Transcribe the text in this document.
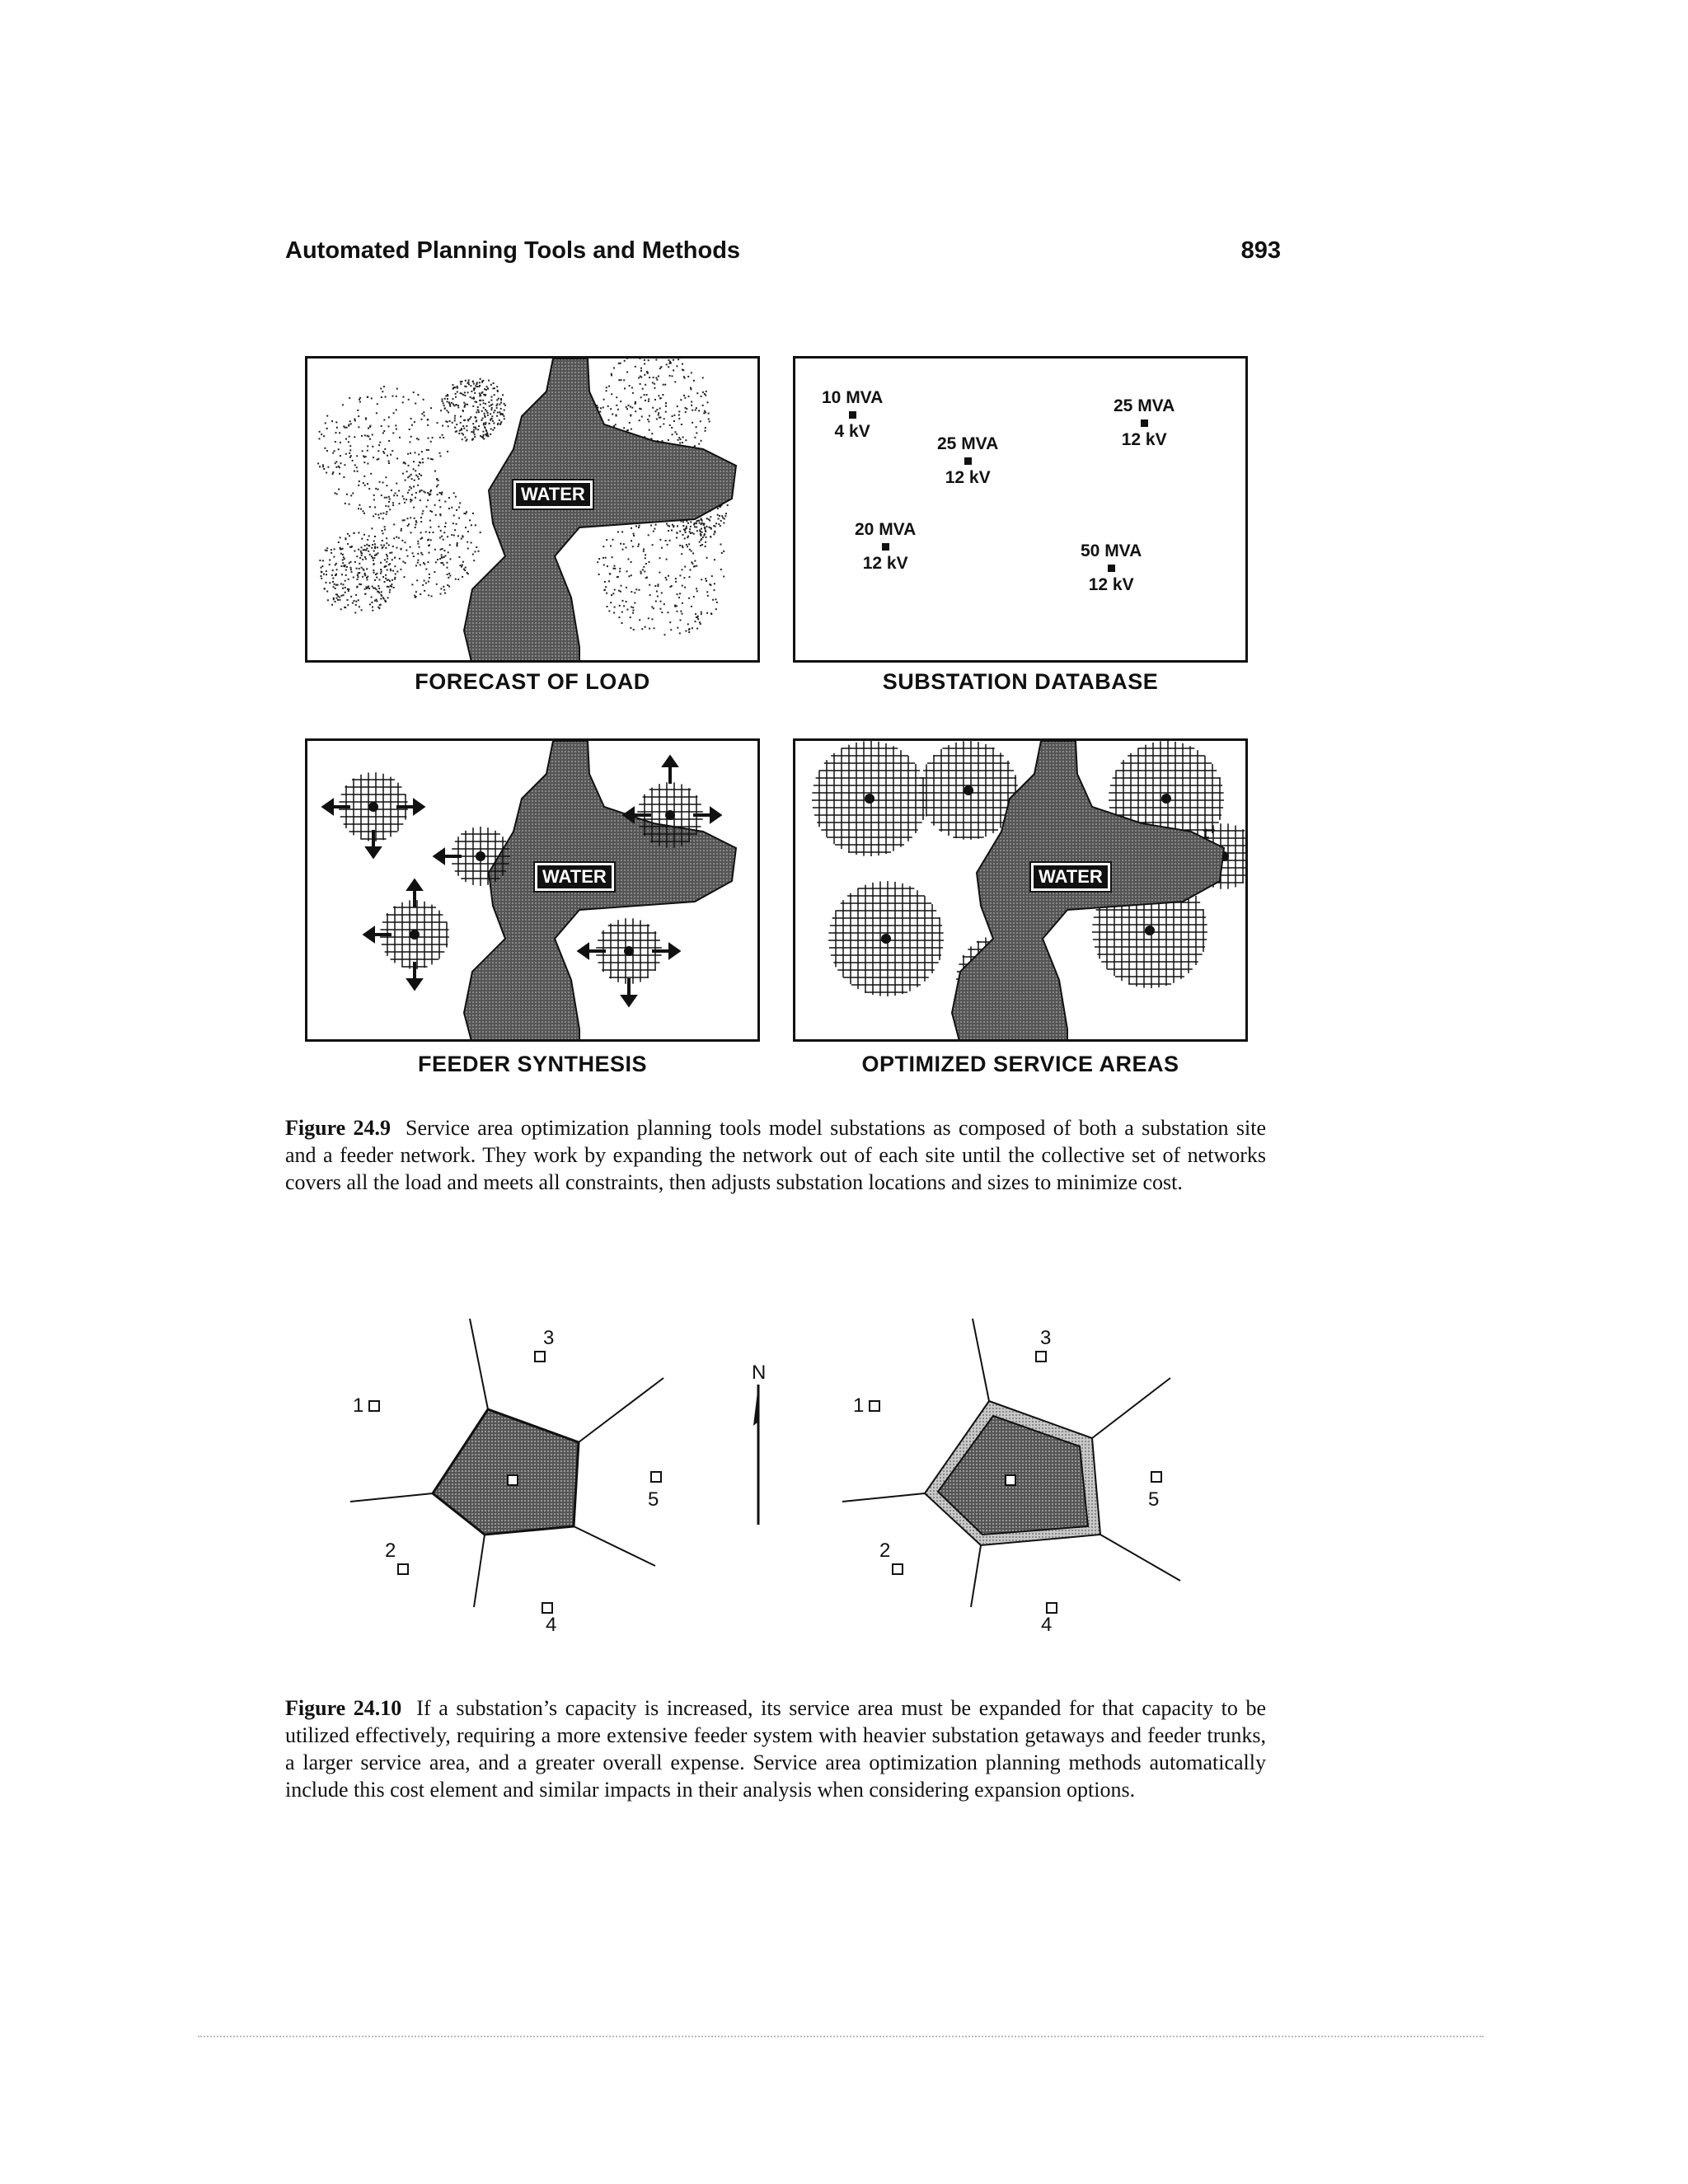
Automated Planning Tools and Methods	893
WATER
FORECAST OF LOAD
10 MVA
4 kV
25 MVA
12 kV
20 MVA
12 kV
25 MVA
12 kV
50 MVA
12 kV
SUBSTATION DATABASE
WATER
FEEDER SYNTHESIS
WATER
OPTIMIZED SERVICE AREAS
Figure 24.9 Service area optimization planning tools model substations as composed of both a substation site and a feeder network. They work by expanding the network out of each site until the collective set of networks covers all the load and meets all constraints, then adjusts substation locations and sizes to minimize cost.
3
1
5
2
4
N
3
1
5
2
4
Figure 24.10 If a substation’s capacity is increased, its service area must be expanded for that capacity to be utilized effectively, requiring a more extensive feeder system with heavier substation getaways and feeder trunks, a larger service area, and a greater overall expense. Service area optimization planning methods automatically include this cost element and similar impacts in their analysis when considering expansion options.
